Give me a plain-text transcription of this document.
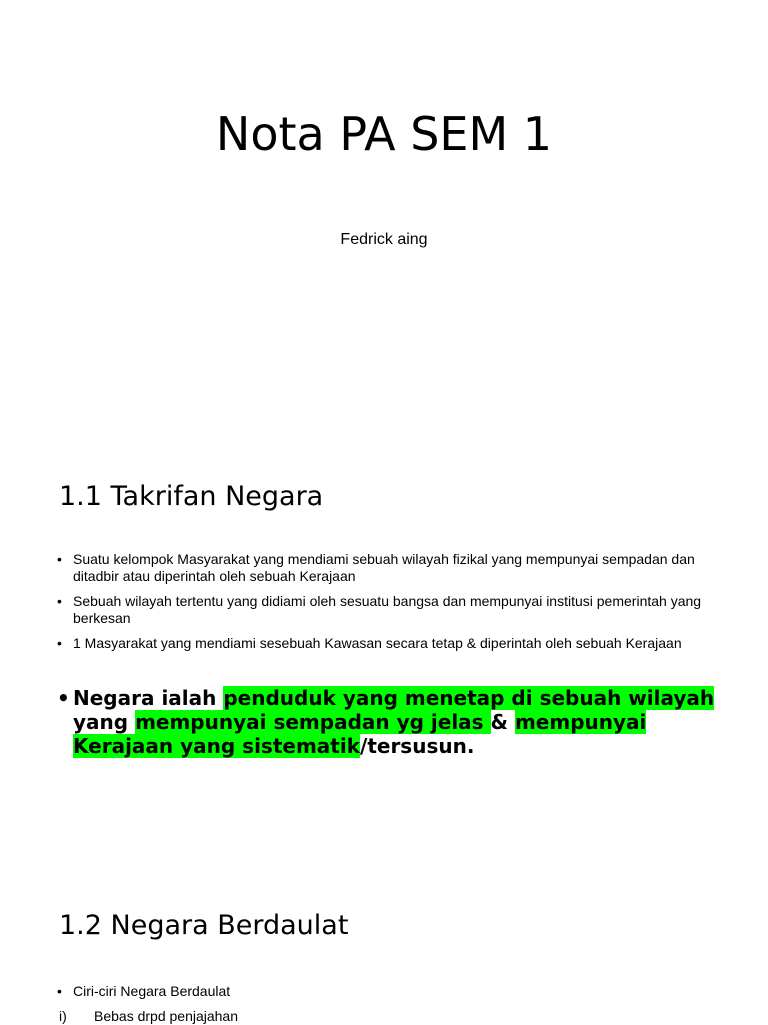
Nota PA SEM 1
Fedrick aing
1.1 Takrifan Negara
• Suatu kelompok Masyarakat yang mendiami sebuah wilayah fizikal yang mempunyai sempadan dan ditadbir atau diperintah oleh sebuah Kerajaan
• Sebuah wilayah tertentu yang didiami oleh sesuatu bangsa dan mempunyai institusi pemerintah yang berkesan
• 1 Masyarakat yang mendiami sesebuah Kawasan secara tetap & diperintah oleh sebuah Kerajaan
• Negara ialah penduduk yang menetap di sebuah wilayah yang mempunyai sempadan yg jelas & mempunyai Kerajaan yang sistematik/tersusun.
1.2 Negara Berdaulat
• Ciri-ciri Negara Berdaulat
i) Bebas drpd penjajahan
